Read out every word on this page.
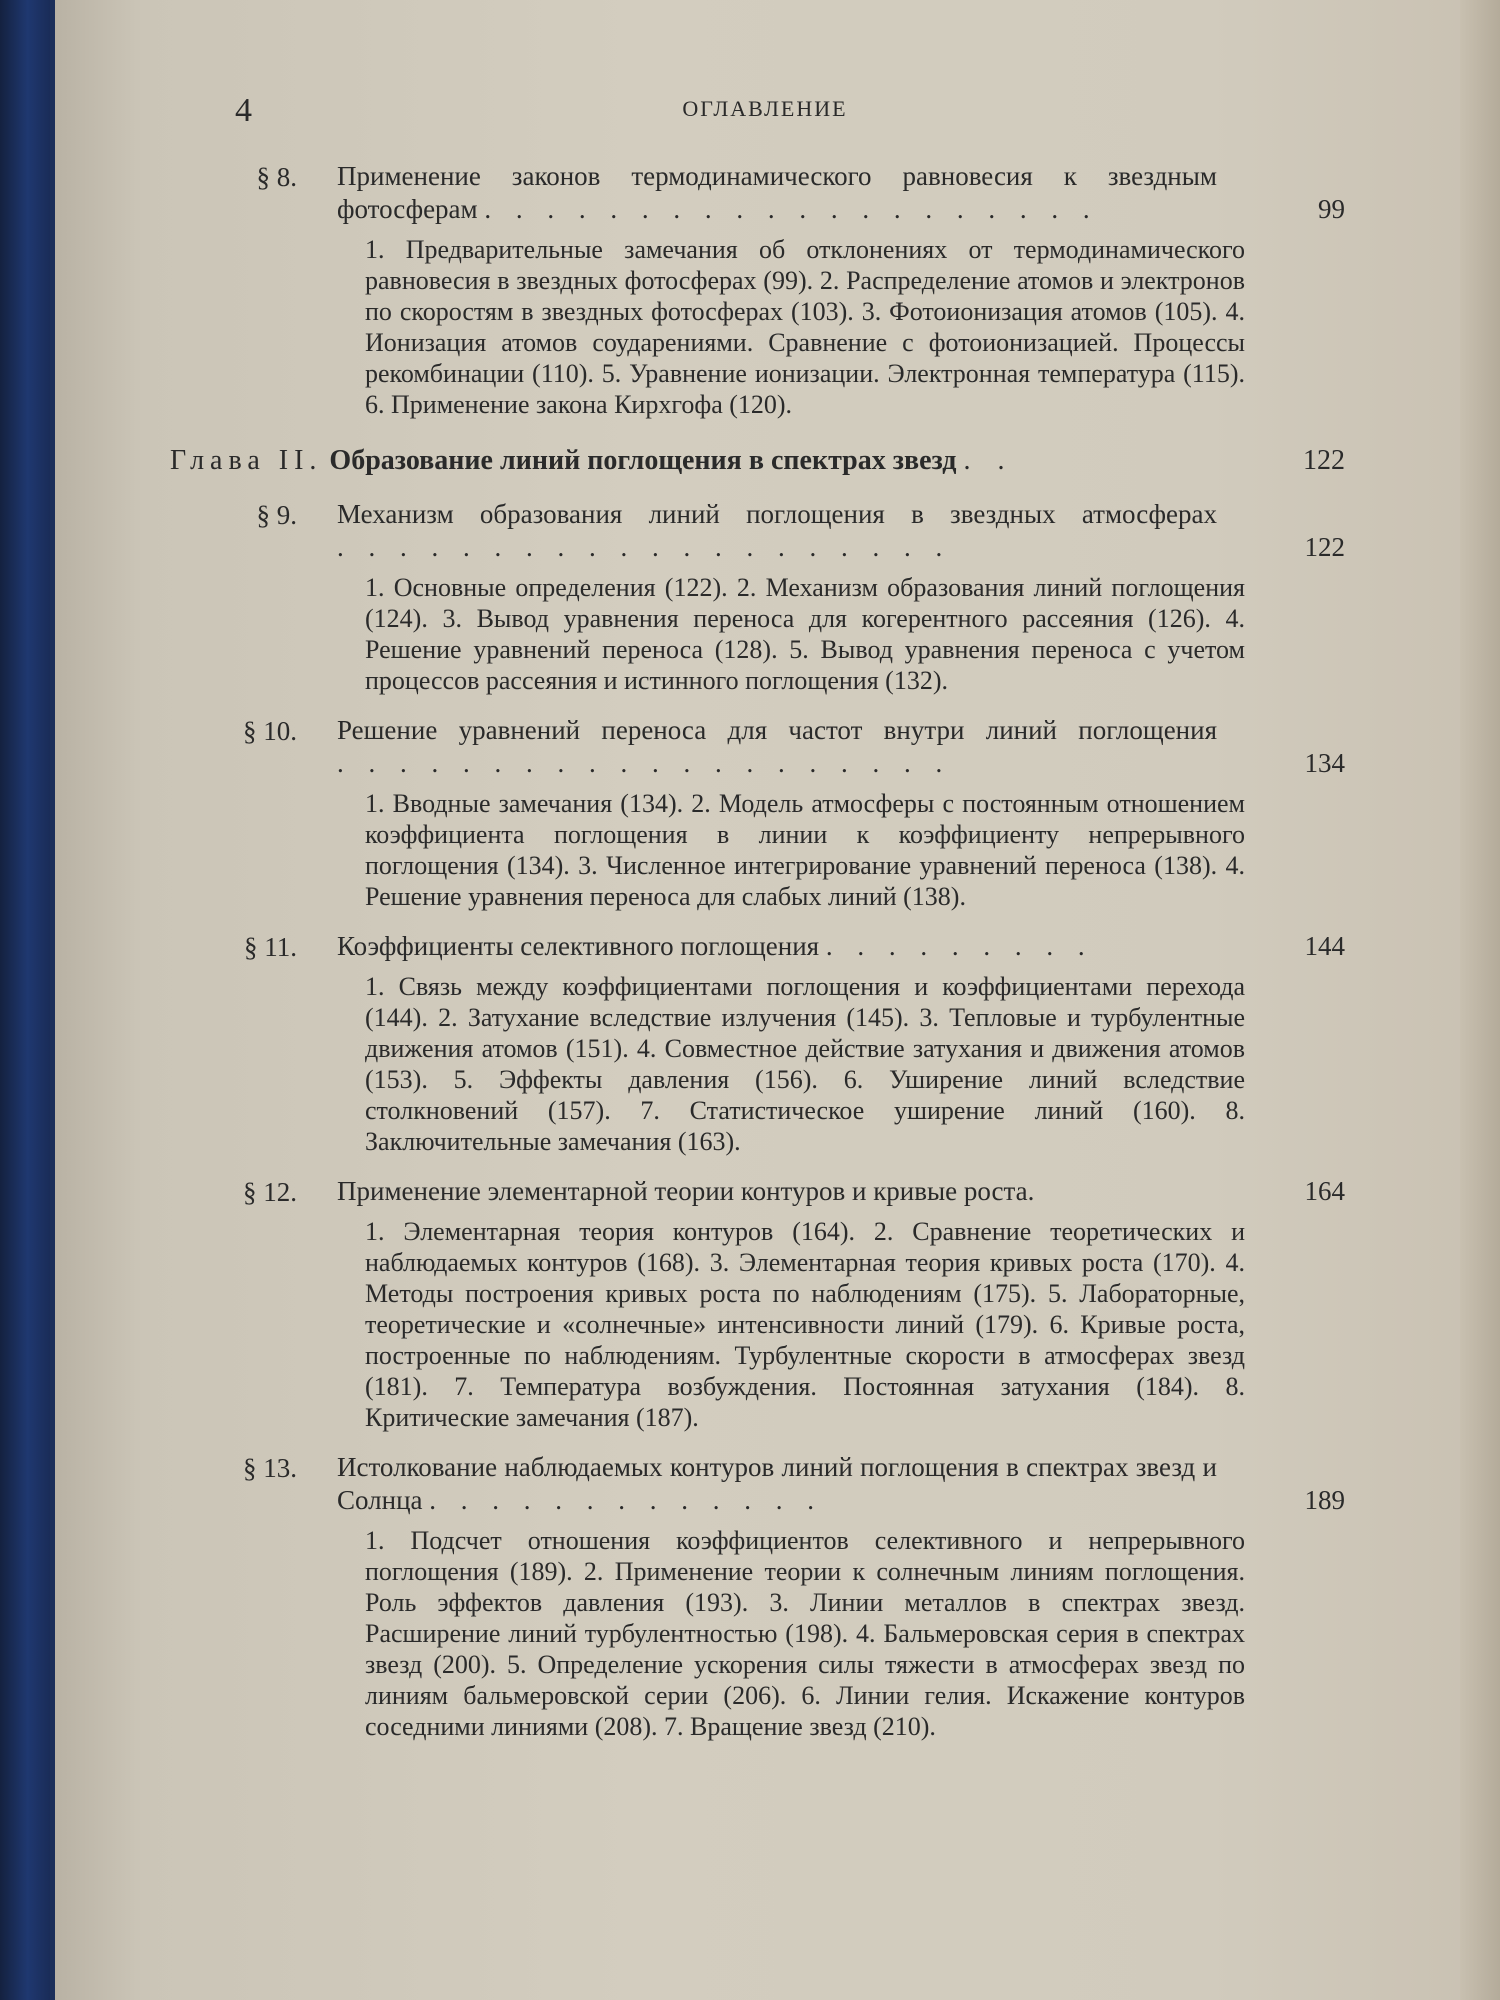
4	ОГЛАВЛЕНИЕ
§ 8. Применение законов термодинамического равновесия к звездным фотосферам . . . . . . . . . . . . . . . . . . . .	99
1. Предварительные замечания об отклонениях от термодинамического равновесия в звездных фотосферах (99). 2. Распределение атомов и электронов по скоростям в звездных фотосферах (103). 3. Фотоионизация атомов (105). 4. Ионизация атомов соударениями. Сравнение с фотоионизацией. Процессы рекомбинации (110). 5. Уравнение ионизации. Электронная температура (115). 6. Применение закона Кирхгофа (120).
Глава II. Образование линий поглощения в спектрах звезд . .	122
§ 9. Механизм образования линий поглощения в звездных атмосферах . . . . . . . . . . . . . . . . . . . .	122
1. Основные определения (122). 2. Механизм образования линий поглощения (124). 3. Вывод уравнения переноса для когерентного рассеяния (126). 4. Решение уравнений переноса (128). 5. Вывод уравнения переноса с учетом процессов рассеяния и истинного поглощения (132).
§ 10. Решение уравнений переноса для частот внутри линий поглощения . . . . . . . . . . . . . . . . . . . .	134
1. Вводные замечания (134). 2. Модель атмосферы с постоянным отношением коэффициента поглощения в линии к коэффициенту непрерывного поглощения (134). 3. Численное интегрирование уравнений переноса (138). 4. Решение уравнения переноса для слабых линий (138).
§ 11. Коэффициенты селективного поглощения . . . . . . . . .	144
1. Связь между коэффициентами поглощения и коэффициентами перехода (144). 2. Затухание вследствие излучения (145). 3. Тепловые и турбулентные движения атомов (151). 4. Совместное действие затухания и движения атомов (153). 5. Эффекты давления (156). 6. Уширение линий вследствие столкновений (157). 7. Статистическое уширение линий (160). 8. Заключительные замечания (163).
§ 12. Применение элементарной теории контуров и кривые роста.	164
1. Элементарная теория контуров (164). 2. Сравнение теоретических и наблюдаемых контуров (168). 3. Элементарная теория кривых роста (170). 4. Методы построения кривых роста по наблюдениям (175). 5. Лабораторные, теоретические и «солнечные» интенсивности линий (179). 6. Кривые роста, построенные по наблюдениям. Турбулентные скорости в атмосферах звезд (181). 7. Температура возбуждения. Постоянная затухания (184). 8. Критические замечания (187).
§ 13. Истолкование наблюдаемых контуров линий поглощения в спектрах звезд и Солнца . . . . . . . . . . . . .	189
1. Подсчет отношения коэффициентов селективного и непрерывного поглощения (189). 2. Применение теории к солнечным линиям поглощения. Роль эффектов давления (193). 3. Линии металлов в спектрах звезд. Расширение линий турбулентностью (198). 4. Бальмеровская серия в спектрах звезд (200). 5. Определение ускорения силы тяжести в атмосферах звезд по линиям бальмеровской серии (206). 6. Линии гелия. Искажение контуров соседними линиями (208). 7. Вращение звезд (210).
